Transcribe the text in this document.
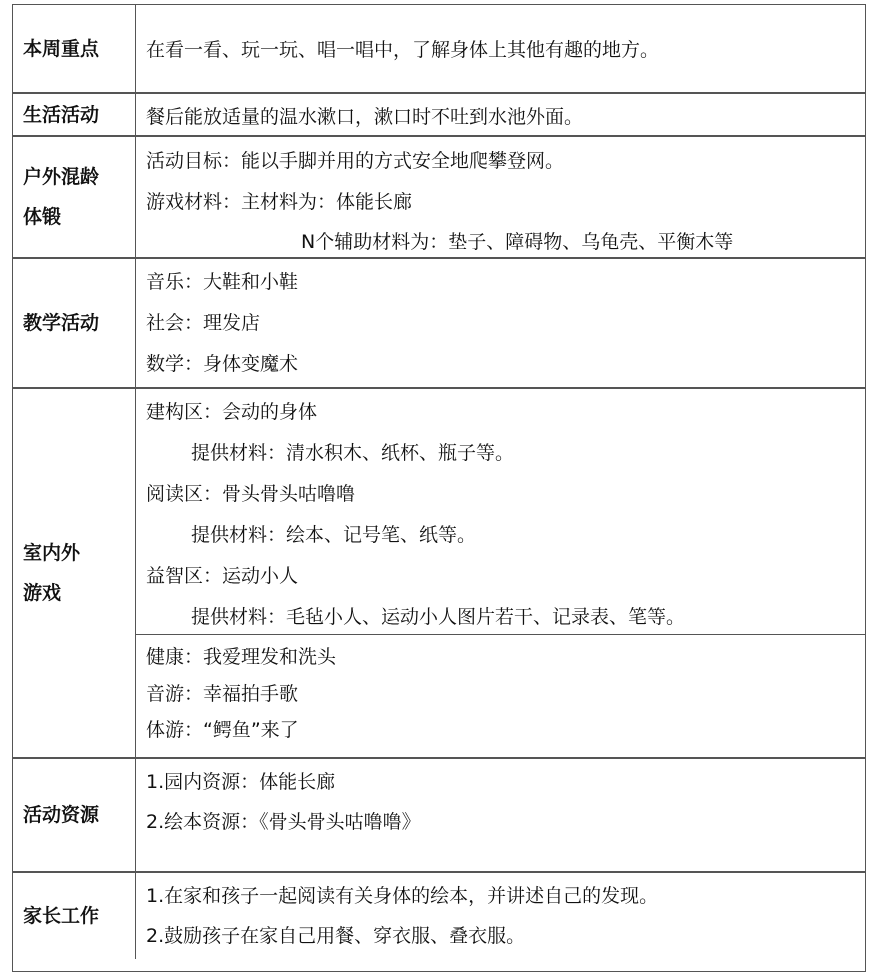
本周重点	在看一看、玩一玩、唱一唱中，了解身体上其他有趣的地方。
生活活动	餐后能放适量的温水漱口，漱口时不吐到水池外面。
户外混龄
体锻
活动目标：能以手脚并用的方式安全地爬攀登网。
游戏材料：主材料为：体能长廊
N个辅助材料为：垫子、障碍物、乌龟壳、平衡木等
教学活动
音乐：大鞋和小鞋
社会：理发店
数学：身体变魔术
室内外
游戏
建构区：会动的身体
提供材料：清水积木、纸杯、瓶子等。
阅读区：骨头骨头咕噜噜
提供材料：绘本、记号笔、纸等。
益智区：运动小人
提供材料：毛毡小人、运动小人图片若干、记录表、笔等。
健康：我爱理发和洗头
音游：幸福拍手歌
体游：“鳄鱼”来了
活动资源
1.园内资源：体能长廊
2.绘本资源：《骨头骨头咕噜噜》
家长工作
1.在家和孩子一起阅读有关身体的绘本，并讲述自己的发现。
2.鼓励孩子在家自己用餐、穿衣服、叠衣服。
